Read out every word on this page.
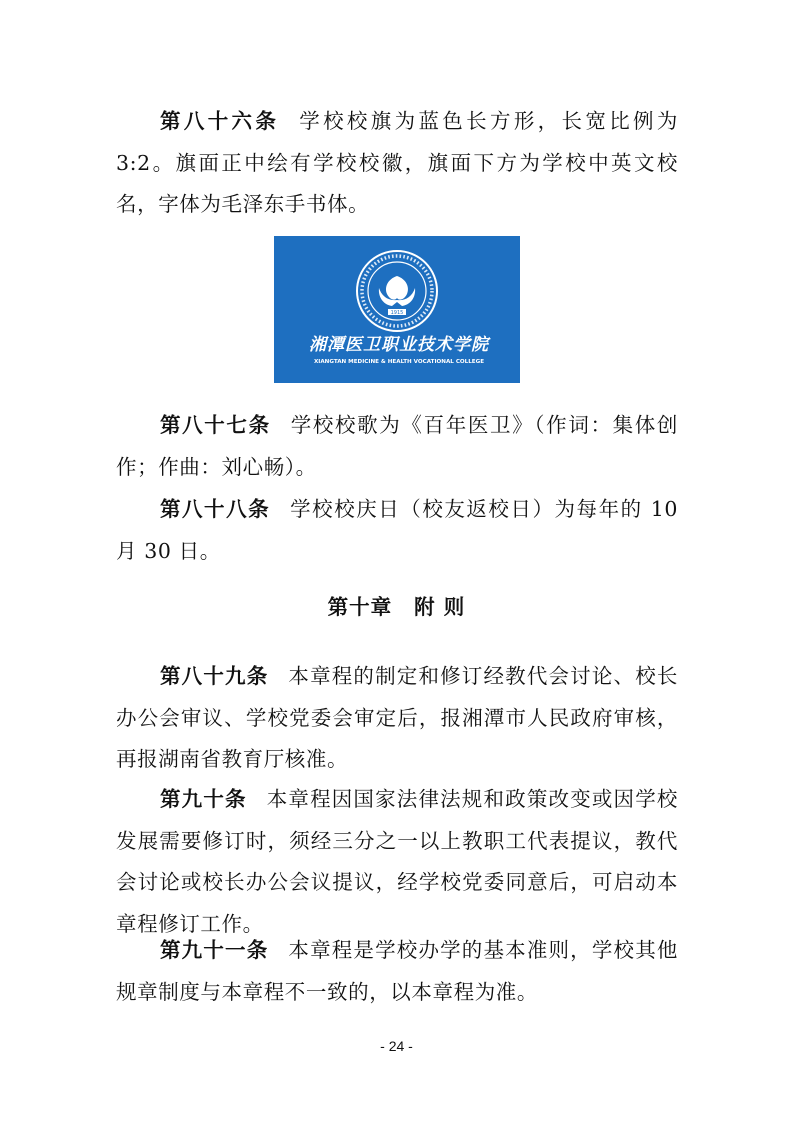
第八十六条 学校校旗为蓝色长方形，长宽比例为 3:2。旗面正中绘有学校校徽，旗面下方为学校中英文校名，字体为毛泽东手书体。

1915
湘潭医卫职业技术学院
XIANGTAN MEDICINE & HEALTH VOCATIONAL COLLEGE

第八十七条 学校校歌为《百年医卫》（作词：集体创作；作曲：刘心畅）。

第八十八条 学校校庆日（校友返校日）为每年的 10 月 30 日。

第十章 附 则

第八十九条 本章程的制定和修订经教代会讨论、校长办公会审议、学校党委会审定后，报湘潭市人民政府审核，再报湖南省教育厅核准。

第九十条 本章程因国家法律法规和政策改变或因学校发展需要修订时，须经三分之一以上教职工代表提议，教代会讨论或校长办公会议提议，经学校党委同意后，可启动本章程修订工作。

第九十一条 本章程是学校办学的基本准则，学校其他规章制度与本章程不一致的，以本章程为准。

- 24 -
